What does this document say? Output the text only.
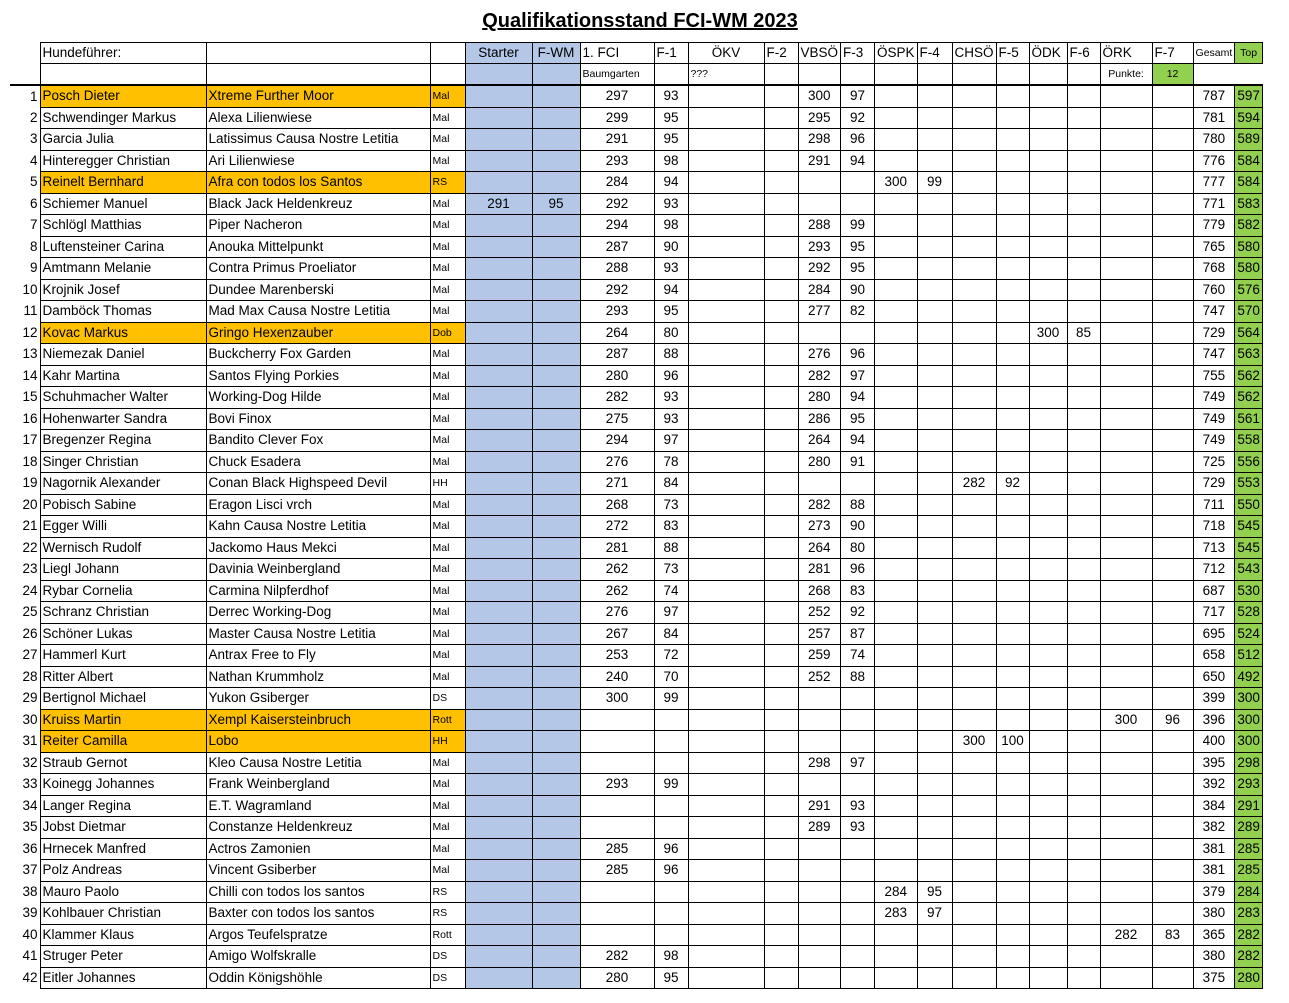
Qualifikationsstand FCI-WM 2023
	Hundeführer:			Starter	F-WM	1. FCI	F-1	ÖKV	F-2	VBSÖ	F-3	ÖSPK	F-4	CHSÖ	F-5	ÖDK	F-6	ÖRK	F-7	Gesamt	Top
						Baumgarten		???										Punkte:	12		
1	Posch Dieter	Xtreme Further Moor	Mal			297	93			300	97									787	597
2	Schwendinger Markus	Alexa Lilienwiese	Mal			299	95			295	92									781	594
3	Garcia Julia	Latissimus Causa Nostre Letitia	Mal			291	95			298	96									780	589
4	Hinteregger Christian	Ari Lilienwiese	Mal			293	98			291	94									776	584
5	Reinelt Bernhard	Afra con todos los Santos	RS			284	94					300	99							777	584
6	Schiemer Manuel	Black Jack Heldenkreuz	Mal	291	95	292	93													771	583
7	Schlögl Matthias	Piper Nacheron	Mal			294	98			288	99									779	582
8	Luftensteiner Carina	Anouka Mittelpunkt	Mal			287	90			293	95									765	580
9	Amtmann Melanie	Contra Primus Proeliator	Mal			288	93			292	95									768	580
10	Krojnik Josef	Dundee Marenberski	Mal			292	94			284	90									760	576
11	Damböck Thomas	Mad Max Causa Nostre Letitia	Mal			293	95			277	82									747	570
12	Kovac Markus	Gringo Hexenzauber	Dob			264	80									300	85			729	564
13	Niemezak Daniel	Buckcherry Fox Garden	Mal			287	88			276	96									747	563
14	Kahr Martina	Santos Flying Porkies	Mal			280	96			282	97									755	562
15	Schuhmacher Walter	Working-Dog Hilde	Mal			282	93			280	94									749	562
16	Hohenwarter Sandra	Bovi Finox	Mal			275	93			286	95									749	561
17	Bregenzer Regina	Bandito Clever Fox	Mal			294	97			264	94									749	558
18	Singer Christian	Chuck Esadera	Mal			276	78			280	91									725	556
19	Nagornik Alexander	Conan Black Highspeed Devil	HH			271	84							282	92					729	553
20	Pobisch Sabine	Eragon Lisci vrch	Mal			268	73			282	88									711	550
21	Egger Willi	Kahn Causa Nostre Letitia	Mal			272	83			273	90									718	545
22	Wernisch Rudolf	Jackomo Haus Mekci	Mal			281	88			264	80									713	545
23	Liegl Johann	Davinia Weinbergland	Mal			262	73			281	96									712	543
24	Rybar Cornelia	Carmina Nilpferdhof	Mal			262	74			268	83									687	530
25	Schranz Christian	Derrec Working-Dog	Mal			276	97			252	92									717	528
26	Schöner Lukas	Master Causa Nostre Letitia	Mal			267	84			257	87									695	524
27	Hammerl Kurt	Antrax Free to Fly	Mal			253	72			259	74									658	512
28	Ritter Albert	Nathan Krummholz	Mal			240	70			252	88									650	492
29	Bertignol Michael	Yukon Gsiberger	DS			300	99													399	300
30	Kruiss Martin	Xempl Kaisersteinbruch	Rott															300	96	396	300
31	Reiter Camilla	Lobo	HH											300	100					400	300
32	Straub Gernot	Kleo Causa Nostre Letitia	Mal							298	97									395	298
33	Koinegg Johannes	Frank Weinbergland	Mal			293	99													392	293
34	Langer Regina	E.T. Wagramland	Mal							291	93									384	291
35	Jobst Dietmar	Constanze Heldenkreuz	Mal							289	93									382	289
36	Hrnecek Manfred	Actros Zamonien	Mal			285	96													381	285
37	Polz Andreas	Vincent Gsiberber	Mal			285	96													381	285
38	Mauro Paolo	Chilli con todos los santos	RS									284	95							379	284
39	Kohlbauer Christian	Baxter con todos los santos	RS									283	97							380	283
40	Klammer Klaus	Argos Teufelspratze	Rott															282	83	365	282
41	Struger Peter	Amigo Wolfskralle	DS			282	98													380	282
42	Eitler Johannes	Oddin Königshöhle	DS			280	95													375	280
